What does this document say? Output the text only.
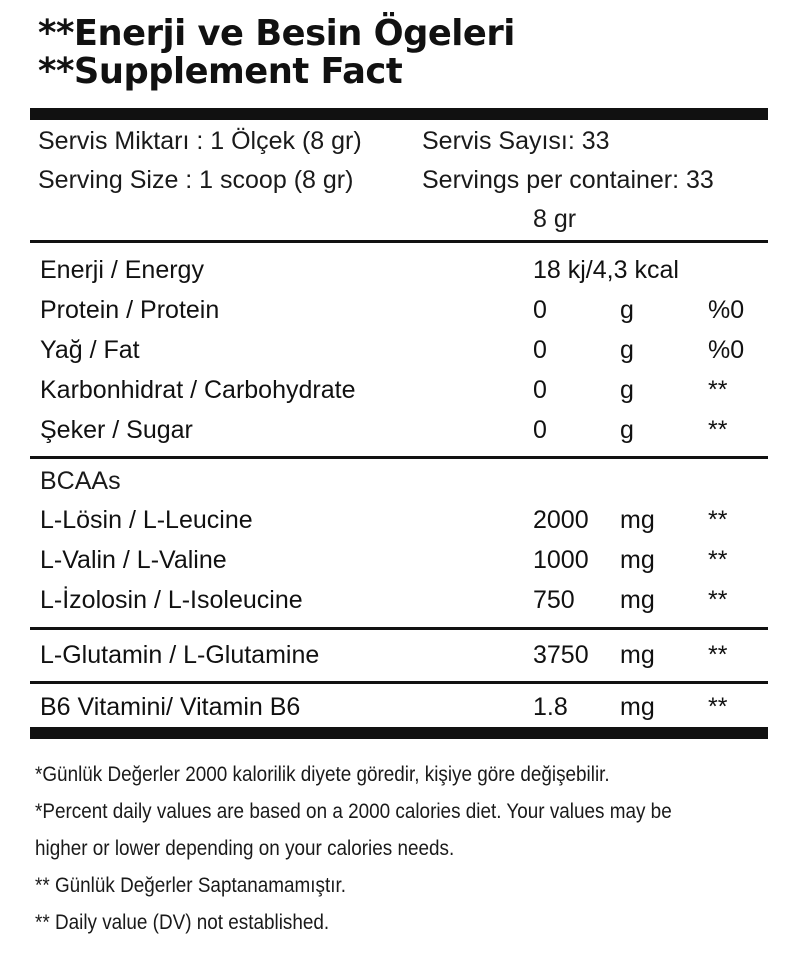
**Enerji ve Besin Ögeleri
**Supplement Fact
Servis Miktarı : 1 Ölçek (8 gr) Servis Sayısı: 33
Serving Size : 1 scoop (8 gr)	Servings per container: 33
8 gr
Enerji / Energy	18 kj/4,3 kcal
Protein / Protein	0	g	%0
Yağ / Fat	0	g	%0
Karbonhidrat / Carbohydrate	0	g	**
Şeker / Sugar	0	g	**
BCAAs
L-Lösin / L-Leucine	2000 mg **
L-Valin / L-Valine	1000 mg **
L-İzolosin / L-Isoleucine	750 mg **
L-Glutamin / L-Glutamine	3750 mg **
B6 Vitamini/ Vitamin B6	1.8 mg **
*Günlük Değerler 2000 kalorilik diyete göredir, kişiye göre değişebilir.
*Percent daily values are based on a 2000 calories diet. Your values may be
higher or lower depending on your calories needs.
** Günlük Değerler Saptanamamıştır.
** Daily value (DV) not established.
